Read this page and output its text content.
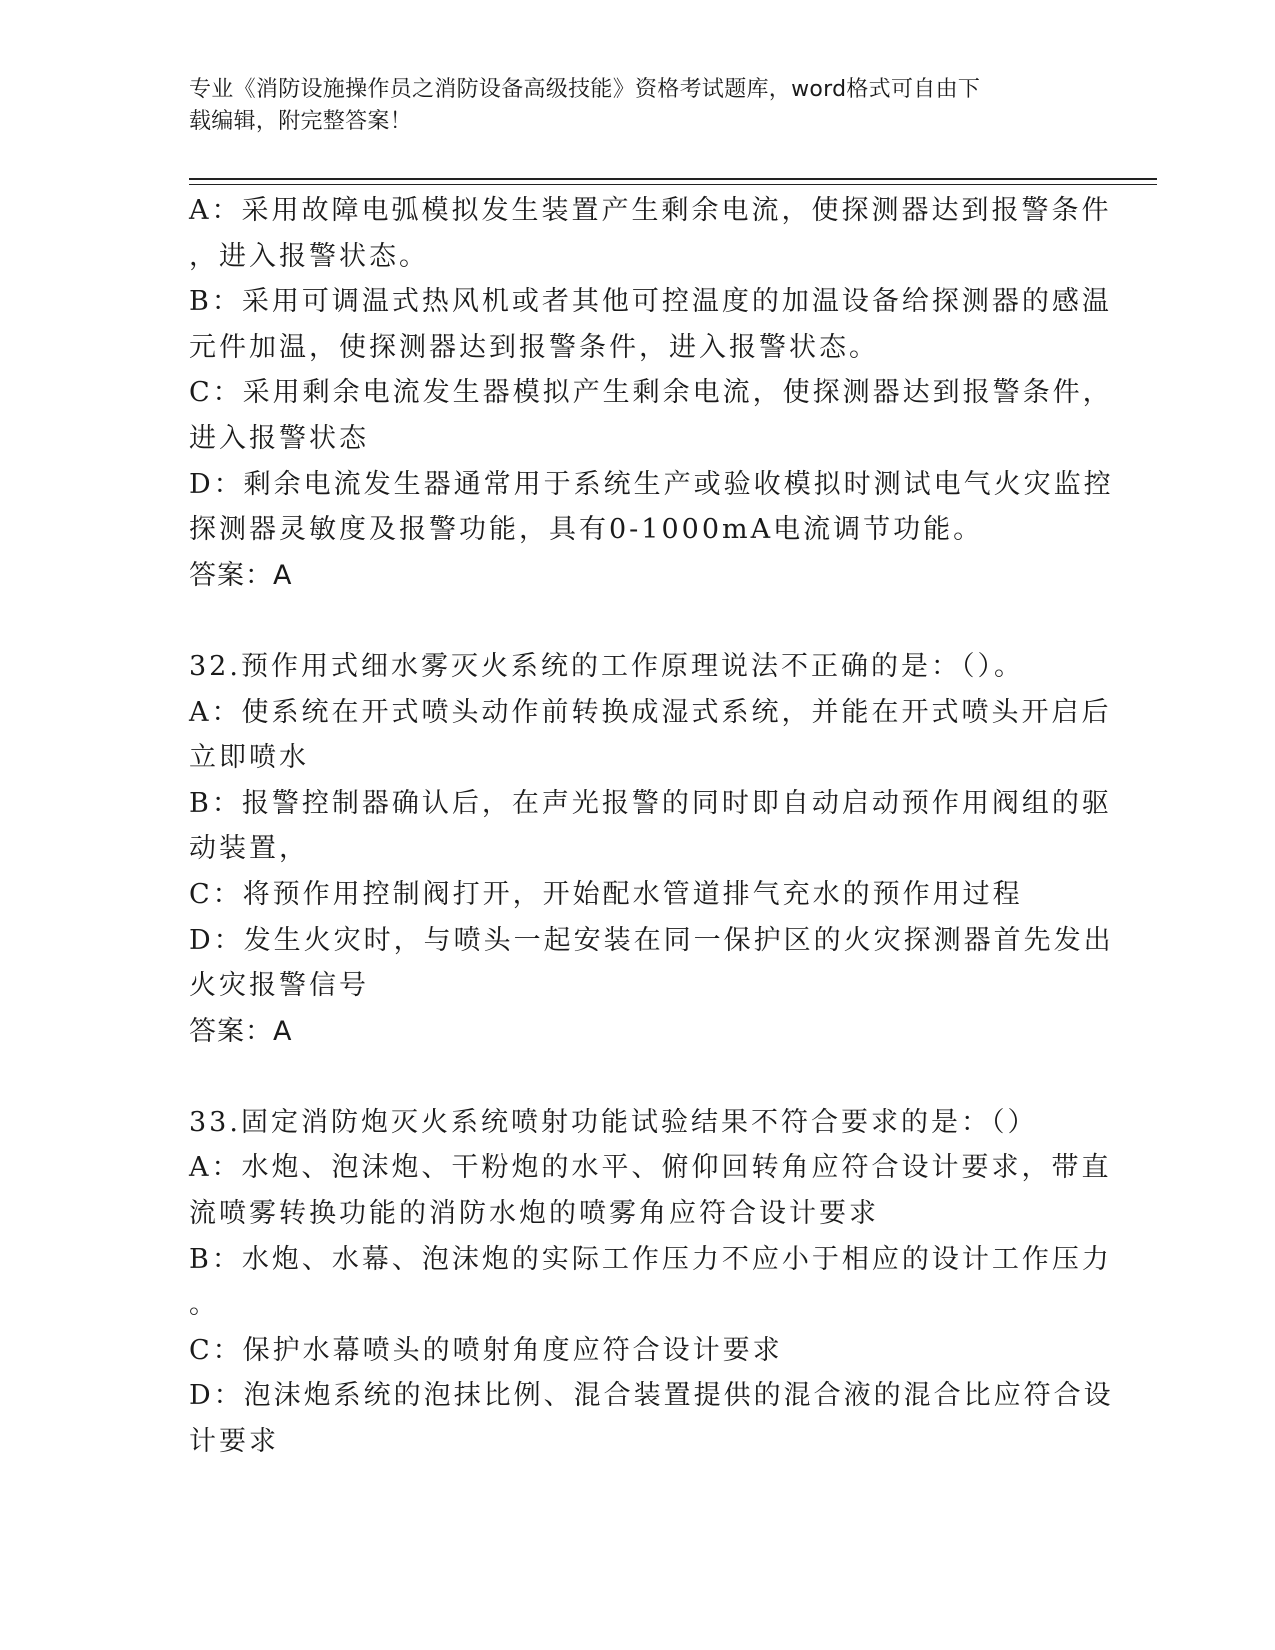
专业《消防设施操作员之消防设备高级技能》资格考试题库，word格式可自由下
载编辑，附完整答案！
A：采用故障电弧模拟发生装置产生剩余电流，使探测器达到报警条件
，进入报警状态。
B：采用可调温式热风机或者其他可控温度的加温设备给探测器的感温
元件加温，使探测器达到报警条件，进入报警状态。
C：采用剩余电流发生器模拟产生剩余电流，使探测器达到报警条件，
进入报警状态
D：剩余电流发生器通常用于系统生产或验收模拟时测试电气火灾监控
探测器灵敏度及报警功能，具有0-1000mA电流调节功能。
答案：A
32.预作用式细水雾灭火系统的工作原理说法不正确的是：（）。
A：使系统在开式喷头动作前转换成湿式系统，并能在开式喷头开启后
立即喷水
B：报警控制器确认后，在声光报警的同时即自动启动预作用阀组的驱
动装置，
C：将预作用控制阀打开，开始配水管道排气充水的预作用过程
D：发生火灾时，与喷头一起安装在同一保护区的火灾探测器首先发出
火灾报警信号
答案：A
33.固定消防炮灭火系统喷射功能试验结果不符合要求的是：（）
A：水炮、泡沫炮、干粉炮的水平、俯仰回转角应符合设计要求，带直
流喷雾转换功能的消防水炮的喷雾角应符合设计要求
B：水炮、水幕、泡沫炮的实际工作压力不应小于相应的设计工作压力
。
C：保护水幕喷头的喷射角度应符合设计要求
D：泡沫炮系统的泡抹比例、混合装置提供的混合液的混合比应符合设
计要求
